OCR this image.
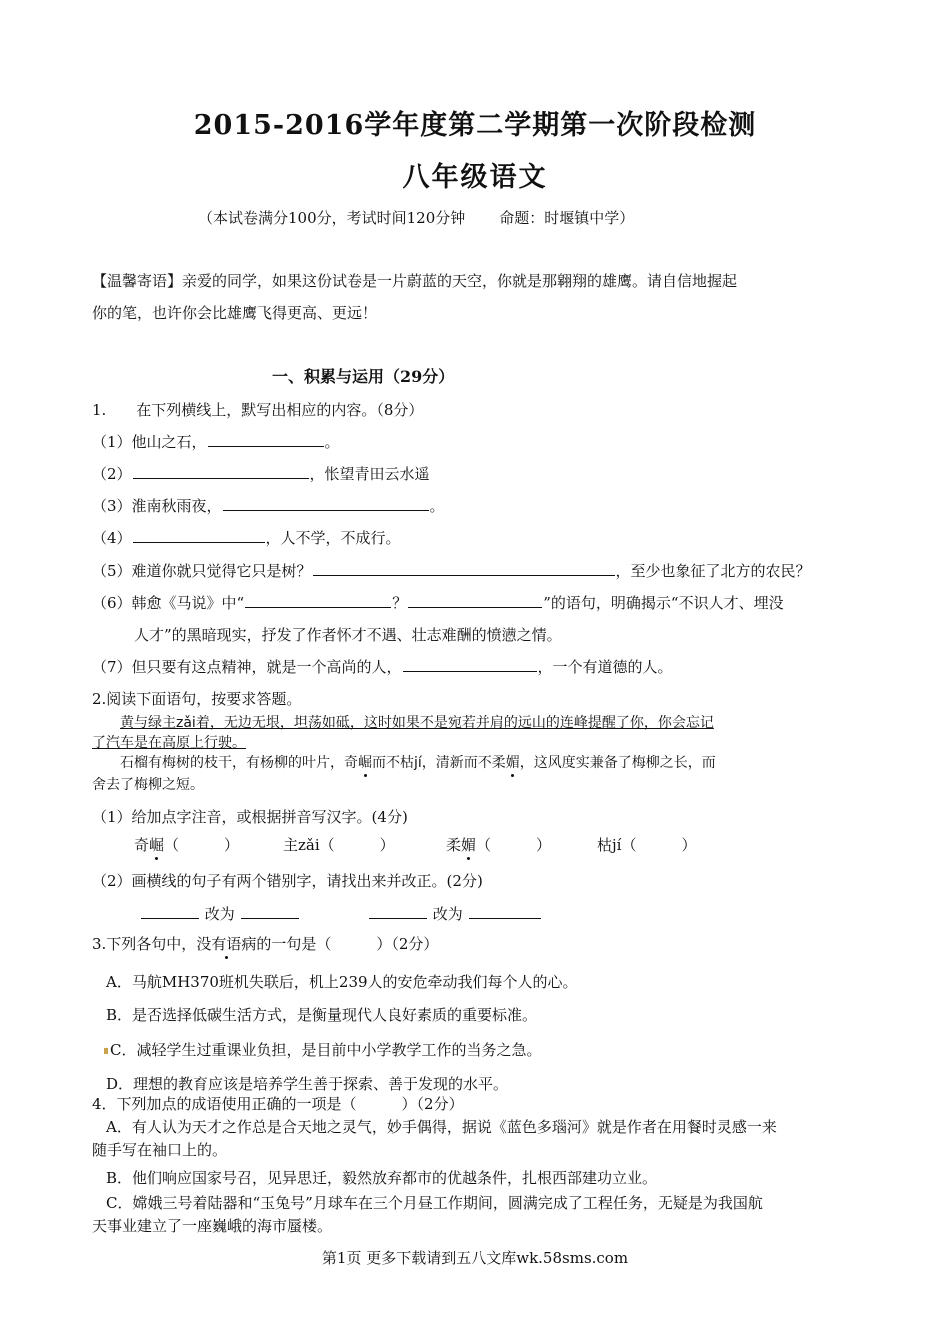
2015-2016学年度第二学期第一次阶段检测
八年级语文
（本试卷满分100分，考试时间120分钟 命题：时堰镇中学）
【温馨寄语】亲爱的同学，如果这份试卷是一片蔚蓝的天空，你就是那翱翔的雄鹰。请自信地握起
你的笔，也许你会比雄鹰飞得更高、更远！
一、积累与运用（29分）
1.　　在下列横线上，默写出相应的内容。（8分）
（1）他山之石，	。
（2）	，怅望青田云水遥
（3）淮南秋雨夜，	。
（4）	，人不学，不成行。
（5）难道你就只觉得它只是树？	，至少也象征了北方的农民？
（6）韩愈《马说》中“	？	”的语句，明确揭示“不识人才、埋没
人才”的黑暗现实，抒发了作者怀才不遇、壮志难酬的愤懑之情。
（7）但只要有这点精神，就是一个高尚的人，	，一个有道德的人。
2.阅读下面语句，按要求答题。
黄与绿主zǎi着，无边无垠，坦荡如砥，这时如果不是宛若并肩的远山的连峰提醒了你，你会忘记
了汽车是在高原上行驶。
石榴有梅树的枝干，有杨柳的叶片，奇崛而不枯jí，清新而不柔媚，这风度实兼备了梅柳之长，而
舍去了梅柳之短。
（1）给加点字注音，或根据拼音写汉字。(4分)
奇崛（　　　）	主zǎi（　　　）	柔媚（　　　）	枯jí（　　　）
（2）画横线的句子有两个错别字，请找出来并改正。(2分)
改为	改为
3.下列各句中，没有语病的一句是（　　　）（2分）
A．马航MH370班机失联后，机上239人的安危牵动我们每个人的心。
B．是否选择低碳生活方式，是衡量现代人良好素质的重要标准。
C．减轻学生过重课业负担，是目前中小学教学工作的当务之急。
D．理想的教育应该是培养学生善于探索、善于发现的水平。
4．下列加点的成语使用正确的一项是（　　　）（2分）
A．有人认为天才之作总是合天地之灵气，妙手偶得，据说《蓝色多瑙河》就是作者在用餐时灵感一来
随手写在袖口上的。
B．他们响应国家号召，见异思迁，毅然放弃都市的优越条件，扎根西部建功立业。
C．嫦娥三号着陆器和“玉兔号”月球车在三个月昼工作期间，圆满完成了工程任务，无疑是为我国航
天事业建立了一座巍峨的海市蜃楼。
第1页 更多下载请到五八文库wk.58sms.com
